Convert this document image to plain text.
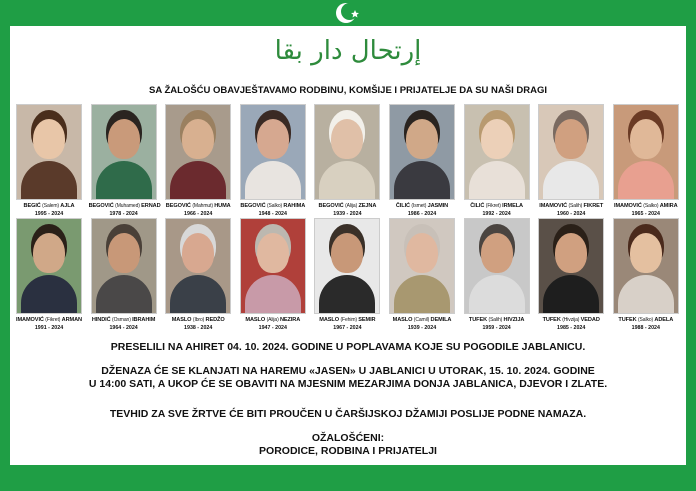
إرتحال دار بقا
SA ŽALOŠĆU OBAVJEŠTAVAMO RODBINU, KOMŠIJE I PRIJATELJE DA SU NAŠI DRAGI
BEGIĆ (Salem) AJLA
1995 - 2024
BEGOVIĆ (Muhamed) ERNAD
1978 - 2024
BEGOVIĆ (Mahmut) HUMA
1966 - 2024
BEGOVIĆ (Salko) RAHIMA
1948 - 2024
BEGOVIĆ (Alija) ZEJNA
1939 - 2024
ČILIĆ (Ismet) JASMIN
1986 - 2024
ČILIĆ (Fikret) IRMELA
1992 - 2024
IMAMOVIĆ (Salih) FIKRET
1960 - 2024
IMAMOVIĆ (Salko) AMIRA
1965 - 2024
IMAMOVIĆ (Fikret) ARMAN
1991 - 2024
HINDIĆ (Osman) IBRAHIM
1964 - 2024
MASLO (Ibro) REDŽO
1938 - 2024
MASLO (Alija) NEZIRA
1947 - 2024
MASLO (Fehim) SEMIR
1967 - 2024
MASLO (Camil) DEMILA
1939 - 2024
TUFEK (Salih) HIVZIJA
1959 - 2024
TUFEK (Hivzija) VEDAD
1985 - 2024
TUFEK (Salko) ADELA
1988 - 2024
PRESELILI NA AHIRET 04. 10. 2024. GODINE U POPLAVAMA KOJE SU POGODILE JABLANICU.
DŽENAZA ĆE SE KLANJATI NA HAREMU «JASEN» U JABLANICI U UTORAK, 15. 10. 2024. GODINE
U 14:00 SATI, A UKOP ĆE SE OBAVITI NA MJESNIM MEZARJIMA DONJA JABLANICA, DJEVOR I ZLATE.
TEVHID ZA SVE ŽRTVE ĆE BITI PROUČEN U ČARŠIJSKOJ DŽAMIJI POSLIJE PODNE NAMAZA.
OŽALOŠĆENI:
PORODICE, RODBINA I PRIJATELJI
